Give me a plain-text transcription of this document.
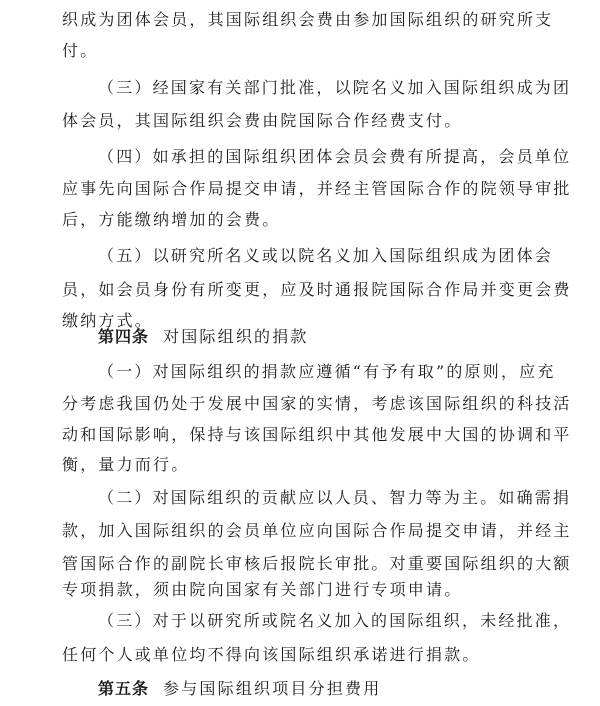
织成为团体会员，其国际组织会费由参加国际组织的研究所支
付。
（三）经国家有关部门批准，以院名义加入国际组织成为团
体会员，其国际组织会费由院国际合作经费支付。
（四）如承担的国际组织团体会员会费有所提高，会员单位
应事先向国际合作局提交申请，并经主管国际合作的院领导审批
后，方能缴纳增加的会费。
（五）以研究所名义或以院名义加入国际组织成为团体会
员，如会员身份有所变更，应及时通报院国际合作局并变更会费
缴纳方式。
第四条 对国际组织的捐款
（一）对国际组织的捐款应遵循“有予有取”的原则，应充
分考虑我国仍处于发展中国家的实情，考虑该国际组织的科技活
动和国际影响，保持与该国际组织中其他发展中大国的协调和平
衡，量力而行。
（二）对国际组织的贡献应以人员、智力等为主。如确需捐
款，加入国际组织的会员单位应向国际合作局提交申请，并经主
管国际合作的副院长审核后报院长审批。对重要国际组织的大额
专项捐款，须由院向国家有关部门进行专项申请。
（三）对于以研究所或院名义加入的国际组织，未经批准，
任何个人或单位均不得向该国际组织承诺进行捐款。
第五条 参与国际组织项目分担费用
